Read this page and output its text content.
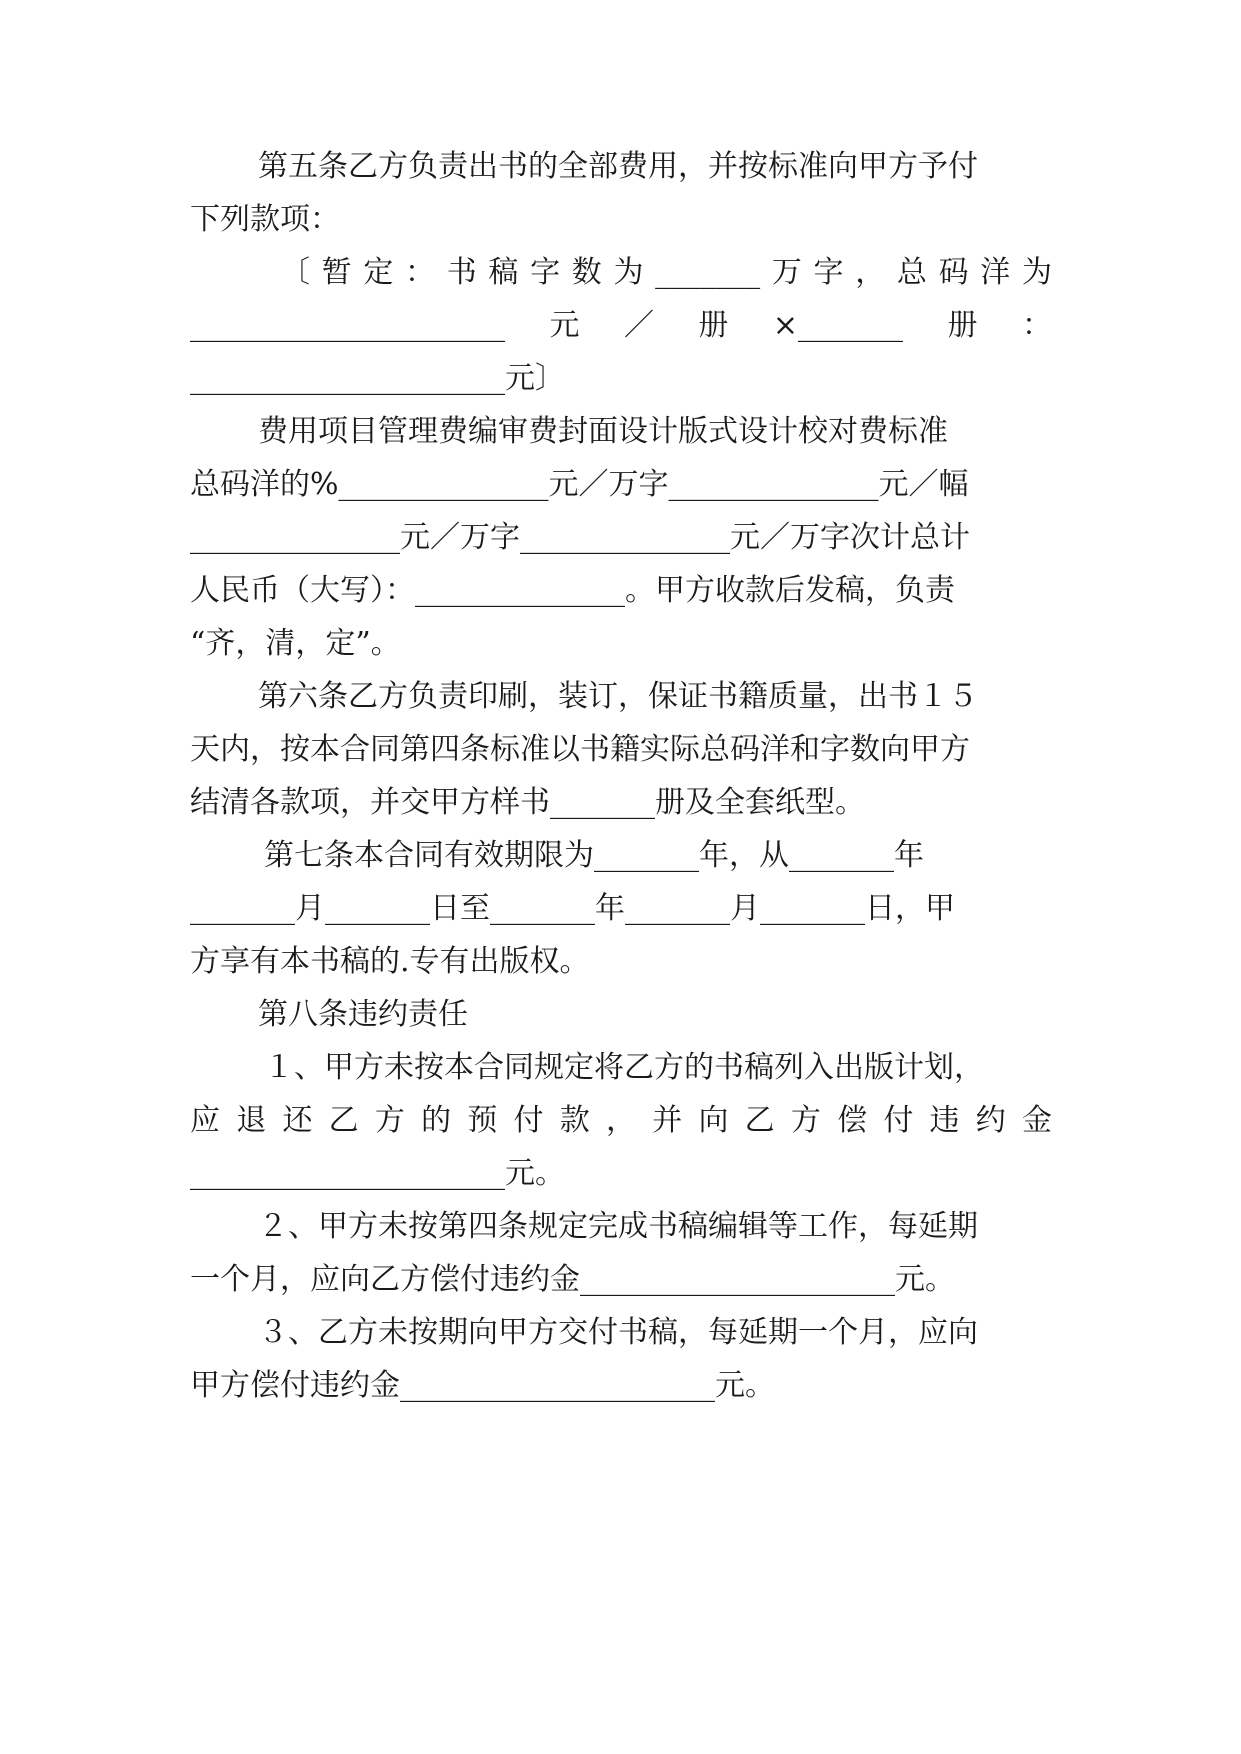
第五条乙方负责出书的全部费用，并按标准向甲方予付
下列款项：
〔暂定：书稿字数为_______万字，总码洋为
_____________________元／册×_______册：
_____________________元〕
费用项目管理费编审费封面设计版式设计校对费标准
总码洋的%______________元／万字______________元／幅
______________元／万字______________元／万字次计总计
人民币（大写）：______________。甲方收款后发稿，负责
“齐，清，定”。
第六条乙方负责印刷，装订，保证书籍质量，出书１５
天内，按本合同第四条标准以书籍实际总码洋和字数向甲方
结清各款项，并交甲方样书_______册及全套纸型。
第七条本合同有效期限为_______年，从_______年
_______月_______日至_______年_______月_______日，甲
方享有本书稿的.专有出版权。
第八条违约责任
１、甲方未按本合同规定将乙方的书稿列入出版计划，
应退还乙方的预付款，并向乙方偿付违约金
_____________________元。
２、甲方未按第四条规定完成书稿编辑等工作，每延期
一个月，应向乙方偿付违约金_____________________元。
３、乙方未按期向甲方交付书稿，每延期一个月，应向
甲方偿付违约金_____________________元。
